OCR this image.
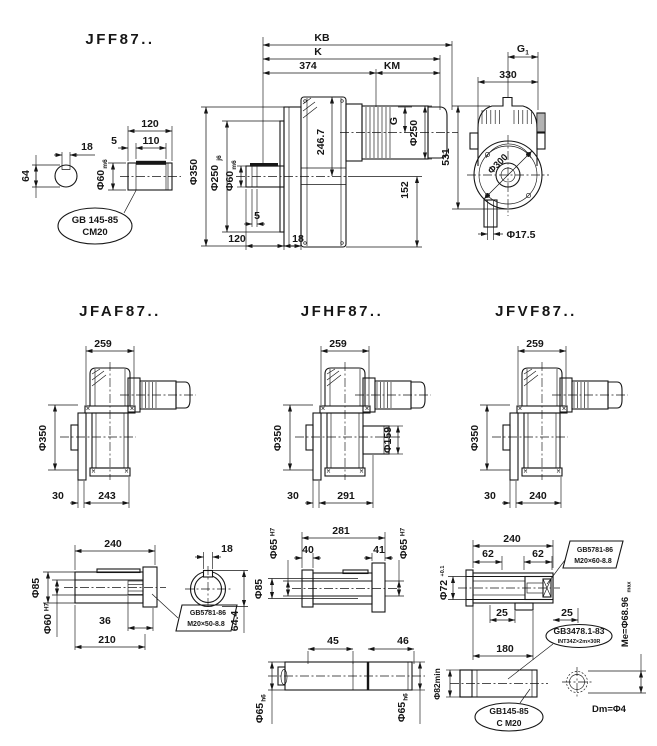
JFF87..
18
64
120
110
5
Φ60
m6
GB 145-85
CM20
KB
K
374	KM
G Φ250
Φ350 Φ250
j6
Φ60
m6
246.7
152
5
120	18
Φ300
Φ17.5
G 1
330
531
JFAF87..
259
Φ350
30	243
JFHF87..
259
Φ350	Φ159
30	291
JFVF87..
259
Φ350
30	240
240
Φ85
Φ60
H7
36
210
GB5781-86
M20×50-8.8
18
64.4
281
40	41
Φ65
H7
Φ85
Φ65
H7
45	46
Φ65
h6
Φ65
h6
240
62	62
Φ72
+0.1
25	25
GB5781-86
M20×60-8.8
GB3478.1-83
INT34Z×2m×30R
180
Φ82min
GB145-85
C M20
Me=Φ68.96
max
Dm=Φ4
